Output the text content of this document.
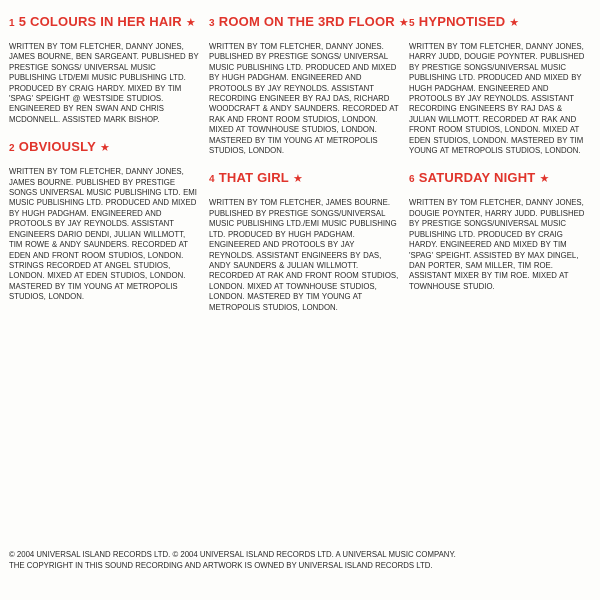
1 5 COLOURS IN HER HAIR ★

WRITTEN BY TOM FLETCHER, DANNY JONES, JAMES BOURNE, BEN SARGEANT. PUBLISHED BY PRESTIGE SONGS/ UNIVERSAL MUSIC PUBLISHING LTD/EMI MUSIC PUBLISHING LTD. PRODUCED BY CRAIG HARDY. MIXED BY TIM 'SPAG' SPEIGHT @ WESTSIDE STUDIOS. ENGINEERED BY REN SWAN AND CHRIS MCDONNELL. ASSISTED MARK BISHOP.

2 OBVIOUSLY ★

WRITTEN BY TOM FLETCHER, DANNY JONES, JAMES BOURNE. PUBLISHED BY PRESTIGE SONGS UNIVERSAL MUSIC PUBLISHING LTD. EMI MUSIC PUBLISHING LTD. PRODUCED AND MIXED BY HUGH PADGHAM. ENGINEERED AND PROTOOLS BY JAY REYNOLDS. ASSISTANT ENGINEERS DARIO DENDI, JULIAN WILLMOTT, TIM ROWE & ANDY SAUNDERS. RECORDED AT EDEN AND FRONT ROOM STUDIOS, LONDON. STRINGS RECORDED AT ANGEL STUDIOS, LONDON. MIXED AT EDEN STUDIOS, LONDON. MASTERED BY TIM YOUNG AT METROPOLIS STUDIOS, LONDON.

3 ROOM ON THE 3RD FLOOR ★

WRITTEN BY TOM FLETCHER, DANNY JONES. PUBLISHED BY PRESTIGE SONGS/ UNIVERSAL MUSIC PUBLISHING LTD. PRODUCED AND MIXED BY HUGH PADGHAM. ENGINEERED AND PROTOOLS BY JAY REYNOLDS. ASSISTANT RECORDING ENGINEER BY RAJ DAS, RICHARD WOODCRAFT & ANDY SAUNDERS. RECORDED AT RAK AND FRONT ROOM STUDIOS, LONDON. MIXED AT TOWNHOUSE STUDIOS, LONDON. MASTERED BY TIM YOUNG AT METROPOLIS STUDIOS, LONDON.

4 THAT GIRL ★

WRITTEN BY TOM FLETCHER, JAMES BOURNE. PUBLISHED BY PRESTIGE SONGS/UNIVERSAL MUSIC PUBLISHING LTD./EMI MUSIC PUBLISHING LTD. PRODUCED BY HUGH PADGHAM. ENGINEERED AND PROTOOLS BY JAY REYNOLDS. ASSISTANT ENGINEERS BY DAS, ANDY SAUNDERS & JULIAN WILLMOTT. RECORDED AT RAK AND FRONT ROOM STUDIOS, LONDON. MIXED AT TOWNHOUSE STUDIOS, LONDON. MASTERED BY TIM YOUNG AT METROPOLIS STUDIOS, LONDON.

5 HYPNOTISED ★

WRITTEN BY TOM FLETCHER, DANNY JONES, HARRY JUDD, DOUGIE POYNTER. PUBLISHED BY PRESTIGE SONGS/UNIVERSAL MUSIC PUBLISHING LTD. PRODUCED AND MIXED BY HUGH PADGHAM. ENGINEERED AND PROTOOLS BY JAY REYNOLDS. ASSISTANT RECORDING ENGINEERS BY RAJ DAS & JULIAN WILLMOTT. RECORDED AT RAK AND FRONT ROOM STUDIOS, LONDON. MIXED AT EDEN STUDIOS, LONDON. MASTERED BY TIM YOUNG AT METROPOLIS STUDIOS, LONDON.

6 SATURDAY NIGHT ★

WRITTEN BY TOM FLETCHER, DANNY JONES, DOUGIE POYNTER, HARRY JUDD. PUBLISHED BY PRESTIGE SONGS/UNIVERSAL MUSIC PUBLISHING LTD. PRODUCED BY CRAIG HARDY. ENGINEERED AND MIXED BY TIM 'SPAG' SPEIGHT. ASSISTED BY MAX DINGEL, DAN PORTER, SAM MILLER, TIM ROE. ASSISTANT MIXER BY TIM ROE. MIXED AT TOWNHOUSE STUDIO.

© 2004 UNIVERSAL ISLAND RECORDS LTD. © 2004 UNIVERSAL ISLAND RECORDS LTD. A UNIVERSAL MUSIC COMPANY.

THE COPYRIGHT IN THIS SOUND RECORDING AND ARTWORK IS OWNED BY UNIVERSAL ISLAND RECORDS LTD.
